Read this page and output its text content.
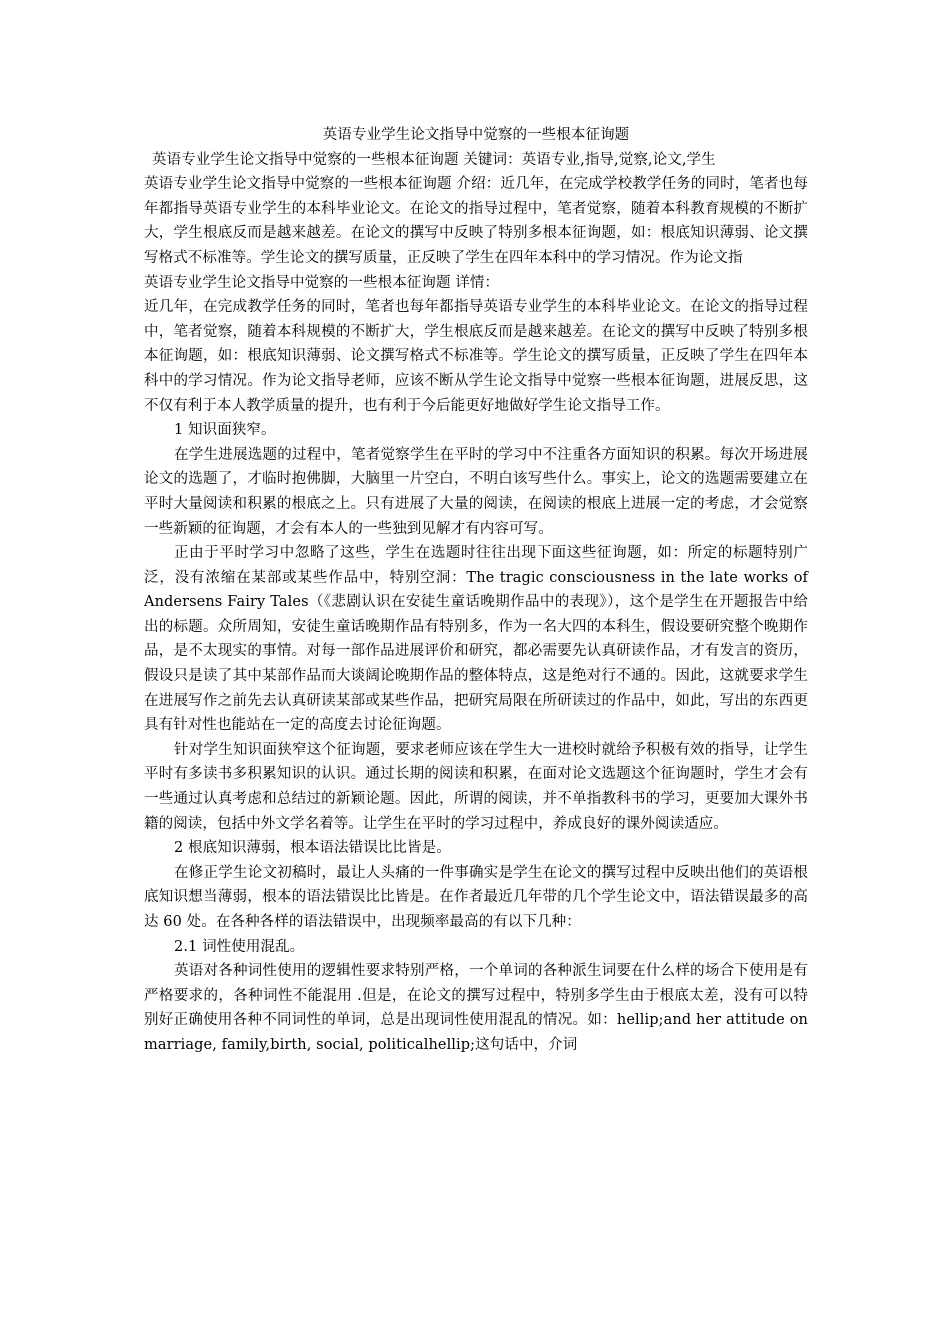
英语专业学生论文指导中觉察的一些根本征询题

英语专业学生论文指导中觉察的一些根本征询题 关键词：英语专业,指导,觉察,论文,学生

英语专业学生论文指导中觉察的一些根本征询题 介绍：近几年，在完成学校教学任务的同时，笔者也每年都指导英语专业学生的本科毕业论文。在论文的指导过程中，笔者觉察，随着本科教育规模的不断扩大，学生根底反而是越来越差。在论文的撰写中反映了特别多根本征询题，如：根底知识薄弱、论文撰写格式不标准等。学生论文的撰写质量，正反映了学生在四年本科中的学习情况。作为论文指

英语专业学生论文指导中觉察的一些根本征询题 详情：

近几年，在完成教学任务的同时，笔者也每年都指导英语专业学生的本科毕业论文。在论文的指导过程中，笔者觉察，随着本科规模的不断扩大，学生根底反而是越来越差。在论文的撰写中反映了特别多根本征询题，如：根底知识薄弱、论文撰写格式不标准等。学生论文的撰写质量，正反映了学生在四年本科中的学习情况。作为论文指导老师，应该不断从学生论文指导中觉察一些根本征询题，进展反思，这不仅有利于本人教学质量的提升，也有利于今后能更好地做好学生论文指导工作。

1 知识面狭窄。

在学生进展选题的过程中，笔者觉察学生在平时的学习中不注重各方面知识的积累。每次开场进展论文的选题了，才临时抱佛脚，大脑里一片空白，不明白该写些什么。事实上，论文的选题需要建立在平时大量阅读和积累的根底之上。只有进展了大量的阅读，在阅读的根底上进展一定的考虑，才会觉察一些新颖的征询题，才会有本人的一些独到见解才有内容可写。

正由于平时学习中忽略了这些，学生在选题时往往出现下面这些征询题，如：所定的标题特别广泛，没有浓缩在某部或某些作品中，特别空洞：The tragic consciousness in the late works of Andersens Fairy Tales（《悲剧认识在安徒生童话晚期作品中的表现》），这个是学生在开题报告中给出的标题。众所周知，安徒生童话晚期作品有特别多，作为一名大四的本科生，假设要研究整个晚期作品，是不太现实的事情。对每一部作品进展评价和研究，都必需要先认真研读作品，才有发言的资历，假设只是读了其中某部作品而大谈阔论晚期作品的整体特点，这是绝对行不通的。因此，这就要求学生在进展写作之前先去认真研读某部或某些作品，把研究局限在所研读过的作品中，如此，写出的东西更具有针对性也能站在一定的高度去讨论征询题。

针对学生知识面狭窄这个征询题，要求老师应该在学生大一进校时就给予积极有效的指导，让学生平时有多读书多积累知识的认识。通过长期的阅读和积累，在面对论文选题这个征询题时，学生才会有一些通过认真考虑和总结过的新颖论题。因此，所谓的阅读，并不单指教科书的学习，更要加大课外书籍的阅读，包括中外文学名着等。让学生在平时的学习过程中，养成良好的课外阅读适应。

2 根底知识薄弱，根本语法错误比比皆是。

在修正学生论文初稿时，最让人头痛的一件事确实是学生在论文的撰写过程中反映出他们的英语根底知识想当薄弱，根本的语法错误比比皆是。在作者最近几年带的几个学生论文中，语法错误最多的高达 60 处。在各种各样的语法错误中，出现频率最高的有以下几种：

2.1 词性使用混乱。

英语对各种词性使用的逻辑性要求特别严格，一个单词的各种派生词要在什么样的场合下使用是有严格要求的，各种词性不能混用 .但是，在论文的撰写过程中，特别多学生由于根底太差，没有可以特别好正确使用各种不同词性的单词，总是出现词性使用混乱的情况。如：hellip;and her attitude on marriage, family,birth, social, politicalhellip;这句话中，介词
